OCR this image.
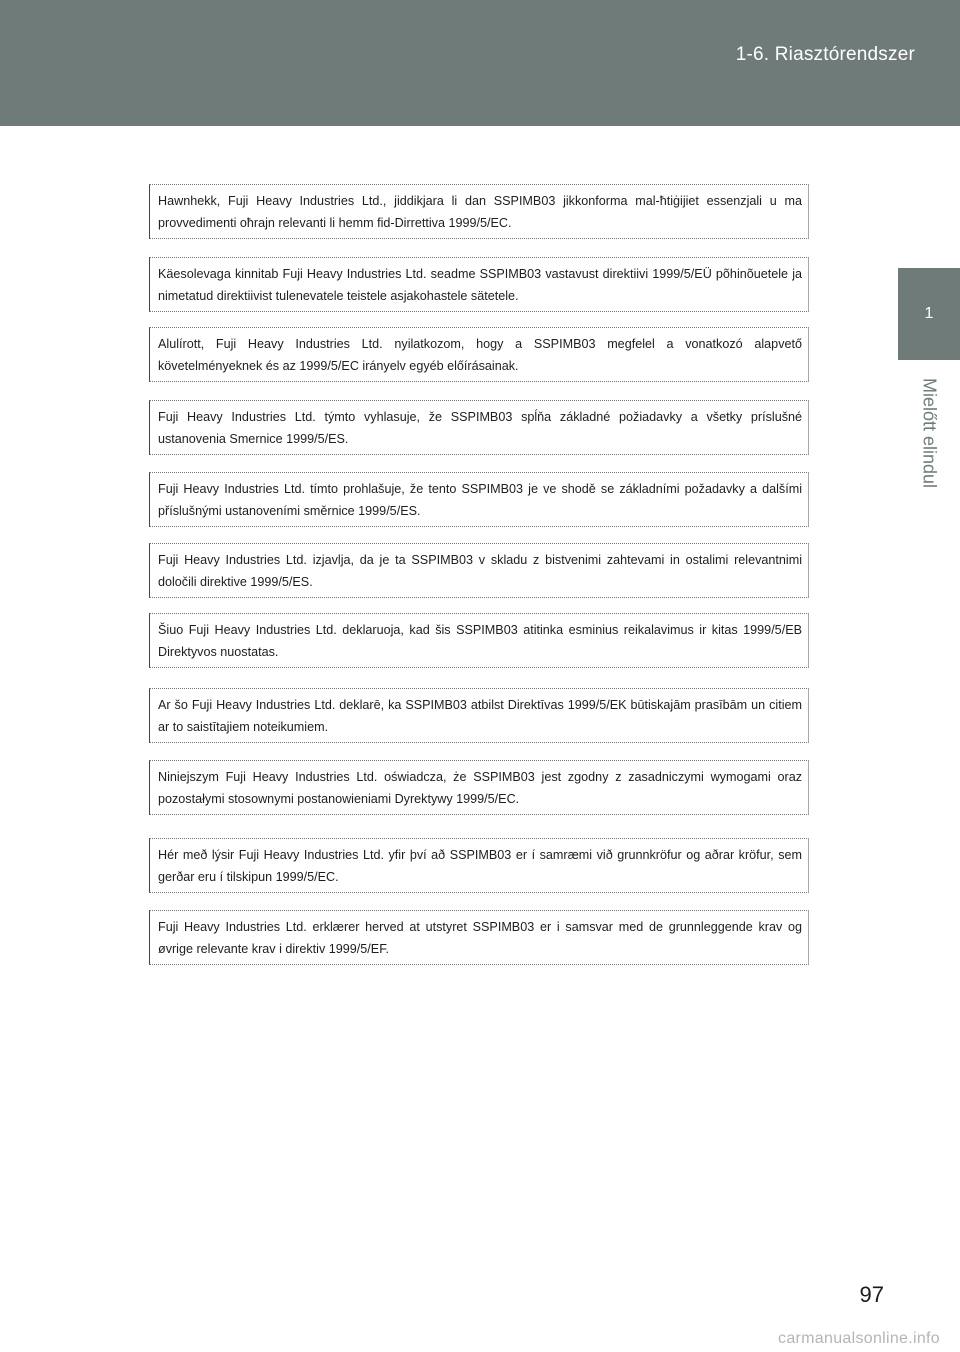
1-6. Riasztórendszer
1
Mielőtt elindul

Hawnhekk, Fuji Heavy Industries Ltd., jiddikjara li dan SSPIMB03 jikkonforma mal-ħtiġijiet essenzjali u ma provvedimenti oħrajn relevanti li hemm fid-Dirrettiva 1999/5/EC.

Käesolevaga kinnitab Fuji Heavy Industries Ltd. seadme SSPIMB03 vastavust direktiivi 1999/5/EÜ põhinõuetele ja nimetatud direktiivist tulenevatele teistele asjakohastele sätetele.

Alulírott, Fuji Heavy Industries Ltd. nyilatkozom, hogy a SSPIMB03 megfelel a vonatkozó alapvető követelményeknek és az 1999/5/EC irányelv egyéb előírásainak.

Fuji Heavy Industries Ltd. týmto vyhlasuje, že SSPIMB03 spĺňa základné požiadavky a všetky príslušné ustanovenia Smernice 1999/5/ES.

Fuji Heavy Industries Ltd. tímto prohlašuje, že tento SSPIMB03 je ve shodě se základními požadavky a dalšími příslušnými ustanoveními směrnice 1999/5/ES.

Fuji Heavy Industries Ltd. izjavlja, da je ta SSPIMB03 v skladu z bistvenimi zahtevami in ostalimi relevantnimi določili direktive 1999/5/ES.

Šiuo Fuji Heavy Industries Ltd. deklaruoja, kad šis SSPIMB03 atitinka esminius reikalavimus ir kitas 1999/5/EB Direktyvos nuostatas.

Ar šo Fuji Heavy Industries Ltd. deklarē, ka SSPIMB03 atbilst Direktīvas 1999/5/EK būtiskajām prasībām un citiem ar to saistītajiem noteikumiem.

Niniejszym Fuji Heavy Industries Ltd. oświadcza, że SSPIMB03 jest zgodny z zasadniczymi wymogami oraz pozostałymi stosownymi postanowieniami Dyrektywy 1999/5/EC.

Hér með lýsir Fuji Heavy Industries Ltd. yfir því að SSPIMB03 er í samræmi við grunnkröfur og aðrar kröfur, sem gerðar eru í tilskipun 1999/5/EC.

Fuji Heavy Industries Ltd. erklærer herved at utstyret SSPIMB03 er i samsvar med de grunnleggende krav og øvrige relevante krav i direktiv 1999/5/EF.

97
carmanualsonline.info
